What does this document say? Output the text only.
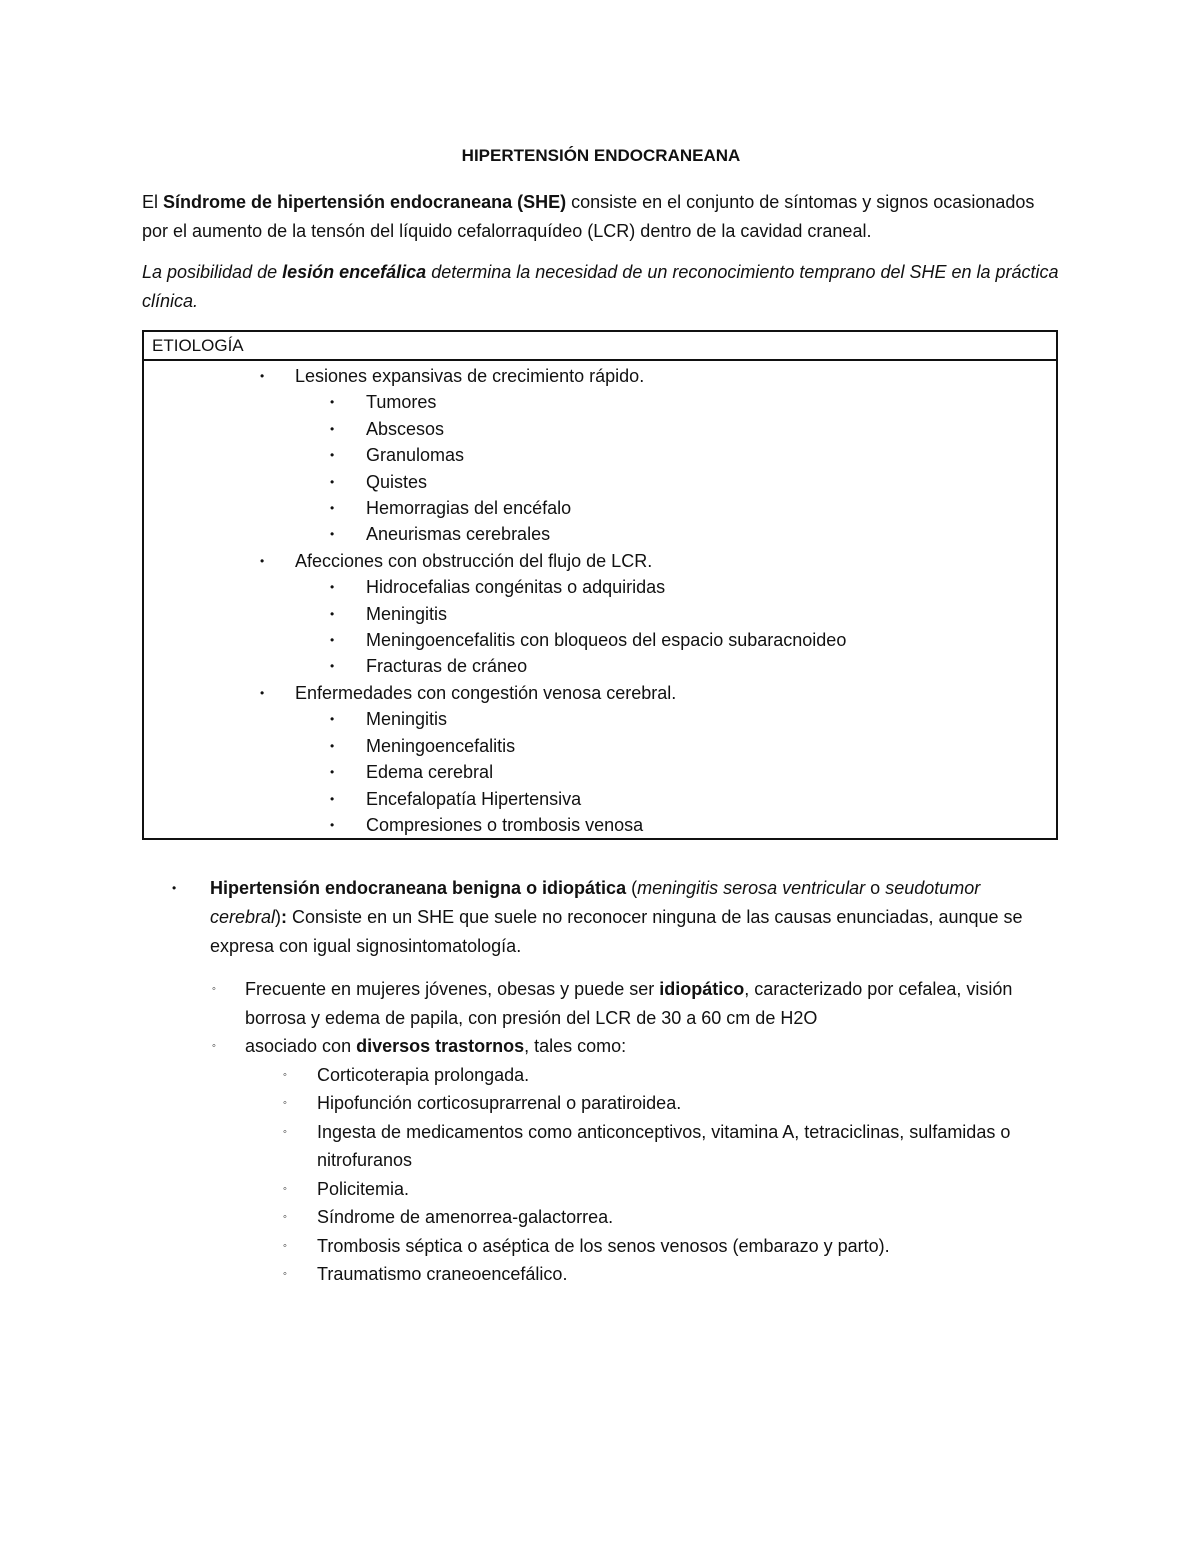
HIPERTENSIÓN ENDOCRANEANA

El Síndrome de hipertensión endocraneana (SHE) consiste en el conjunto de síntomas y signos ocasionados por el aumento de la tensón del líquido cefalorraquídeo (LCR) dentro de la cavidad craneal.

La posibilidad de lesión encefálica determina la necesidad de un reconocimiento temprano del SHE en la práctica clínica.

ETIOLOGÍA
• Lesiones expansivas de crecimiento rápido.
• Tumores
• Abscesos
• Granulomas
• Quistes
• Hemorragias del encéfalo
• Aneurismas cerebrales
• Afecciones con obstrucción del flujo de LCR.
• Hidrocefalias congénitas o adquiridas
• Meningitis
• Meningoencefalitis con bloqueos del espacio subaracnoideo
• Fracturas de cráneo
• Enfermedades con congestión venosa cerebral.
• Meningitis
• Meningoencefalitis
• Edema cerebral
• Encefalopatía Hipertensiva
• Compresiones o trombosis venosa
• Hipertensión endocraneana benigna o idiopática (meningitis serosa ventricular o seudotumor cerebral): Consiste en un SHE que suele no reconocer ninguna de las causas enunciadas, aunque se expresa con igual signosintomatología.
◦ Frecuente en mujeres jóvenes, obesas y puede ser idiopático, caracterizado por cefalea, visión borrosa y edema de papila, con presión del LCR de 30 a 60 cm de H2O
◦ asociado con diversos trastornos, tales como:
◦ Corticoterapia prolongada.
◦ Hipofunción corticosuprarrenal o paratiroidea.
◦ Ingesta de medicamentos como anticonceptivos, vitamina A, tetraciclinas, sulfamidas o nitrofuranos
◦ Policitemia.
◦ Síndrome de amenorrea-galactorrea.
◦ Trombosis séptica o aséptica de los senos venosos (embarazo y parto).
◦ Traumatismo craneoencefálico.
